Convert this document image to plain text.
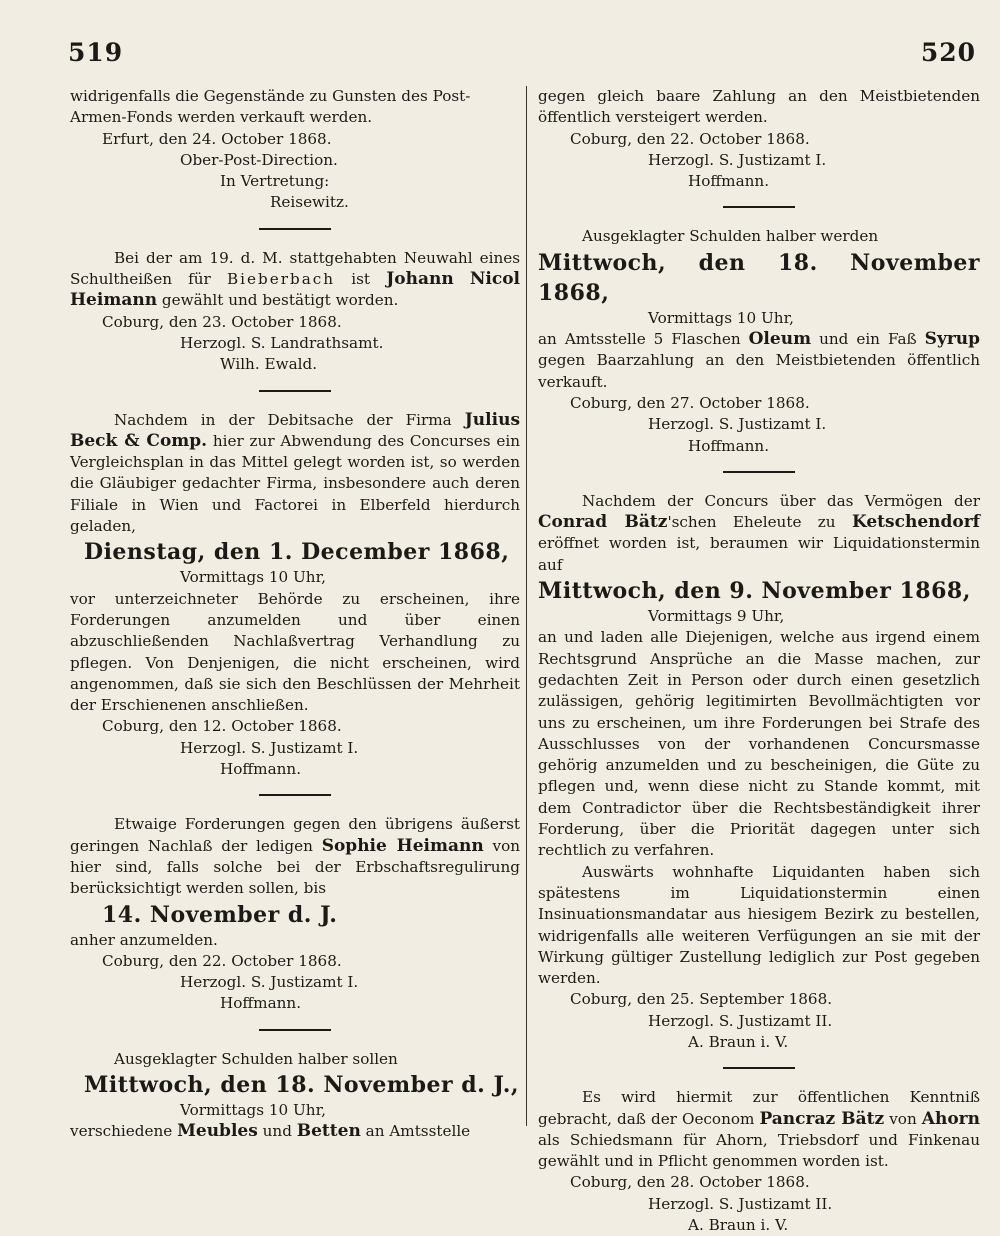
519	520

widrigenfalls die Gegenstände zu Gunsten des Post-

Armen-Fonds werden verkauft werden.

Erfurt, den 24. October 1868.

Ober-Post-Direction.

In Vertretung:

Reisewitz.

Bei der am 19. d. M. stattgehabten Neuwahl eines Schultheißen für Bieberbach ist Johann Nicol Heimann gewählt und bestätigt worden.

Coburg, den 23. October 1868.

Herzogl. S. Landrathsamt.

Wilh. Ewald.

Nachdem in der Debitsache der Firma Julius Beck & Comp. hier zur Abwendung des Concurses ein Vergleichsplan in das Mittel gelegt worden ist, so werden die Gläubiger gedachter Firma, insbesondere auch deren Filiale in Wien und Factorei in Elberfeld hierdurch geladen,

Dienstag, den 1. December 1868,

Vormittags 10 Uhr,

vor unterzeichneter Behörde zu erscheinen, ihre Forderungen anzumelden und über einen abzuschließenden Nachlaßvertrag Verhandlung zu pflegen. Von Denjenigen, die nicht erscheinen, wird angenommen, daß sie sich den Beschlüssen der Mehrheit der Erschienenen anschließen.

Coburg, den 12. October 1868.

Herzogl. S. Justizamt I.

Hoffmann.

Etwaige Forderungen gegen den übrigens äußerst geringen Nachlaß der ledigen Sophie Heimann von hier sind, falls solche bei der Erbschaftsregulirung berücksichtigt werden sollen, bis

14. November d. J.

anher anzumelden.

Coburg, den 22. October 1868.

Herzogl. S. Justizamt I.

Hoffmann.

Ausgeklagter Schulden halber sollen

Mittwoch, den 18. November d. J.,

Vormittags 10 Uhr,

verschiedene Meubles und Betten an Amtsstelle

gegen gleich baare Zahlung an den Meistbietenden öffentlich versteigert werden.

Coburg, den 22. October 1868.

Herzogl. S. Justizamt I.

Hoffmann.

Ausgeklagter Schulden halber werden

Mittwoch, den 18. November 1868,

Vormittags 10 Uhr,

an Amtsstelle 5 Flaschen Oleum und ein Faß Syrup gegen Baarzahlung an den Meistbietenden öffentlich verkauft.

Coburg, den 27. October 1868.

Herzogl. S. Justizamt I.

Hoffmann.

Nachdem der Concurs über das Vermögen der Conrad Bätz'schen Eheleute zu Ketschendorf eröffnet worden ist, beraumen wir Liquidationstermin auf

Mittwoch, den 9. November 1868,

Vormittags 9 Uhr,

an und laden alle Diejenigen, welche aus irgend einem Rechtsgrund Ansprüche an die Masse machen, zur gedachten Zeit in Person oder durch einen gesetzlich zulässigen, gehörig legitimirten Bevollmächtigten vor uns zu erscheinen, um ihre Forderungen bei Strafe des Ausschlusses von der vorhandenen Concursmasse gehörig anzumelden und zu bescheinigen, die Güte zu pflegen und, wenn diese nicht zu Stande kommt, mit dem Contradictor über die Rechtsbeständigkeit ihrer Forderung, über die Priorität dagegen unter sich rechtlich zu verfahren.

Auswärts wohnhafte Liquidanten haben sich spätestens im Liquidationstermin einen Insinuationsmandatar aus hiesigem Bezirk zu bestellen, widrigenfalls alle weiteren Verfügungen an sie mit der Wirkung gültiger Zustellung lediglich zur Post gegeben werden.

Coburg, den 25. September 1868.

Herzogl. S. Justizamt II.

A. Braun i. V.

Es wird hiermit zur öffentlichen Kenntniß gebracht, daß der Oeconom Pancraz Bätz von Ahorn als Schiedsmann für Ahorn, Triebsdorf und Finkenau gewählt und in Pflicht genommen worden ist.

Coburg, den 28. October 1868.

Herzogl. S. Justizamt II.

A. Braun i. V.
